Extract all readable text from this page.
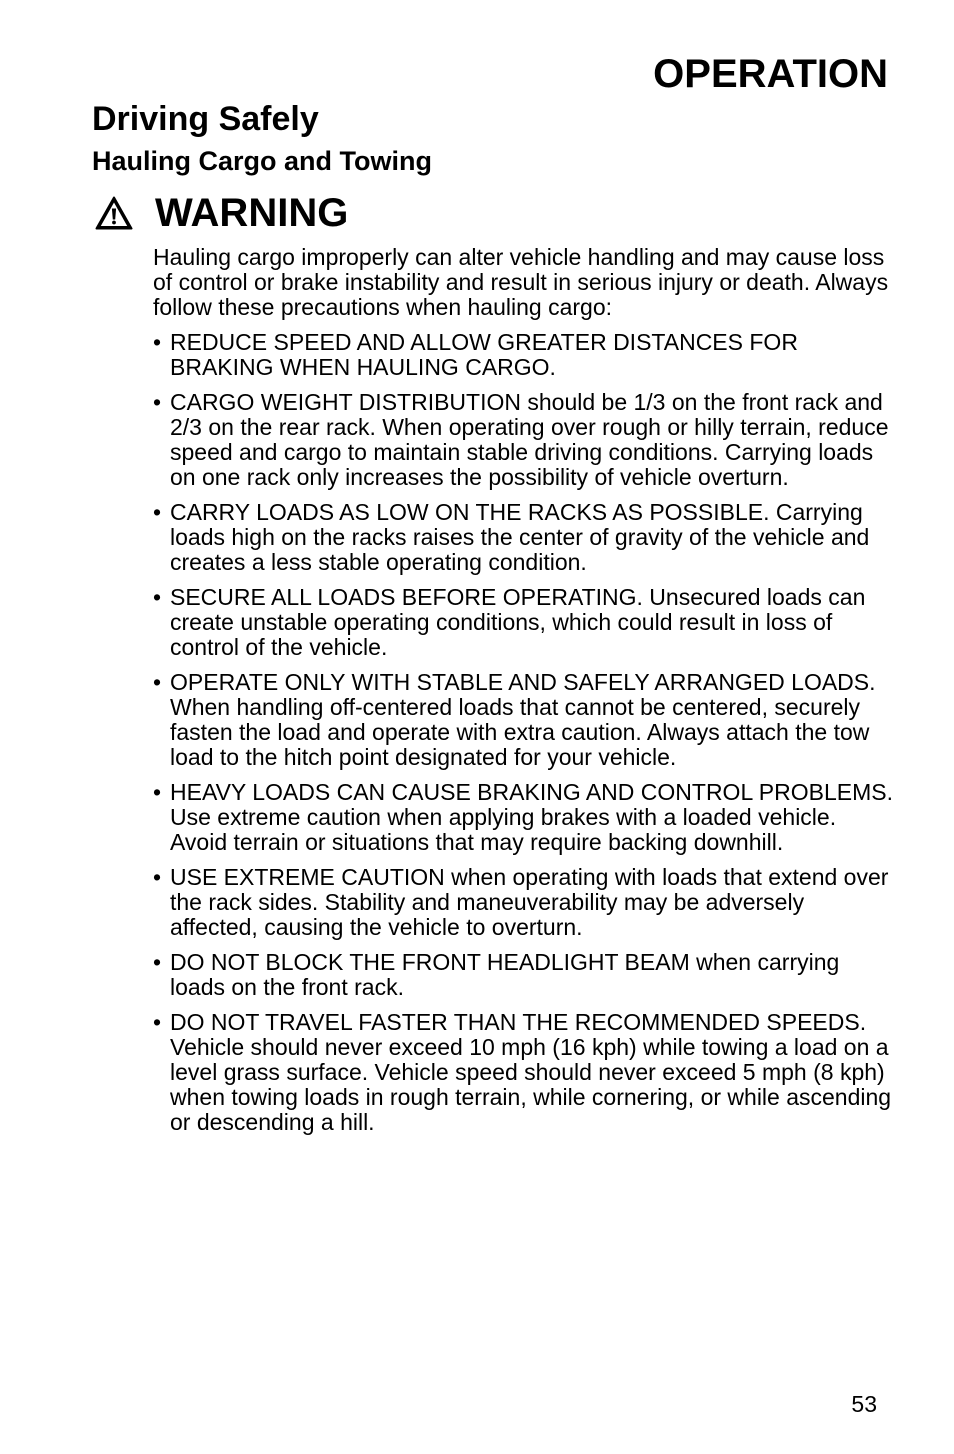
OPERATION
Driving Safely
Hauling Cargo and Towing
WARNING

Hauling cargo improperly can alter vehicle handling and may cause loss of control or brake instability and result in serious injury or death. Always follow these precautions when hauling cargo:

• REDUCE SPEED AND ALLOW GREATER DISTANCES FOR BRAKING WHEN HAULING CARGO.
• CARGO WEIGHT DISTRIBUTION should be 1/3 on the front rack and 2/3 on the rear rack. When operating over rough or hilly terrain, reduce speed and cargo to maintain stable driving conditions. Carrying loads on one rack only increases the possibility of vehicle overturn.
• CARRY LOADS AS LOW ON THE RACKS AS POSSIBLE. Carrying loads high on the racks raises the center of gravity of the vehicle and creates a less stable operating condition.
• SECURE ALL LOADS BEFORE OPERATING. Unsecured loads can create unstable operating conditions, which could result in loss of control of the vehicle.
• OPERATE ONLY WITH STABLE AND SAFELY ARRANGED LOADS. When handling off-centered loads that cannot be centered, securely fasten the load and operate with extra caution. Always attach the tow load to the hitch point designated for your vehicle.
• HEAVY LOADS CAN CAUSE BRAKING AND CONTROL PROBLEMS. Use extreme caution when applying brakes with a loaded vehicle. Avoid terrain or situations that may require backing downhill.
• USE EXTREME CAUTION when operating with loads that extend over the rack sides. Stability and maneuverability may be adversely affected, causing the vehicle to overturn.
• DO NOT BLOCK THE FRONT HEADLIGHT BEAM when carrying loads on the front rack.
• DO NOT TRAVEL FASTER THAN THE RECOMMENDED SPEEDS. Vehicle should never exceed 10 mph (16 kph) while towing a load on a level grass surface. Vehicle speed should never exceed 5 mph (8 kph) when towing loads in rough terrain, while cornering, or while ascending or descending a hill.
53
